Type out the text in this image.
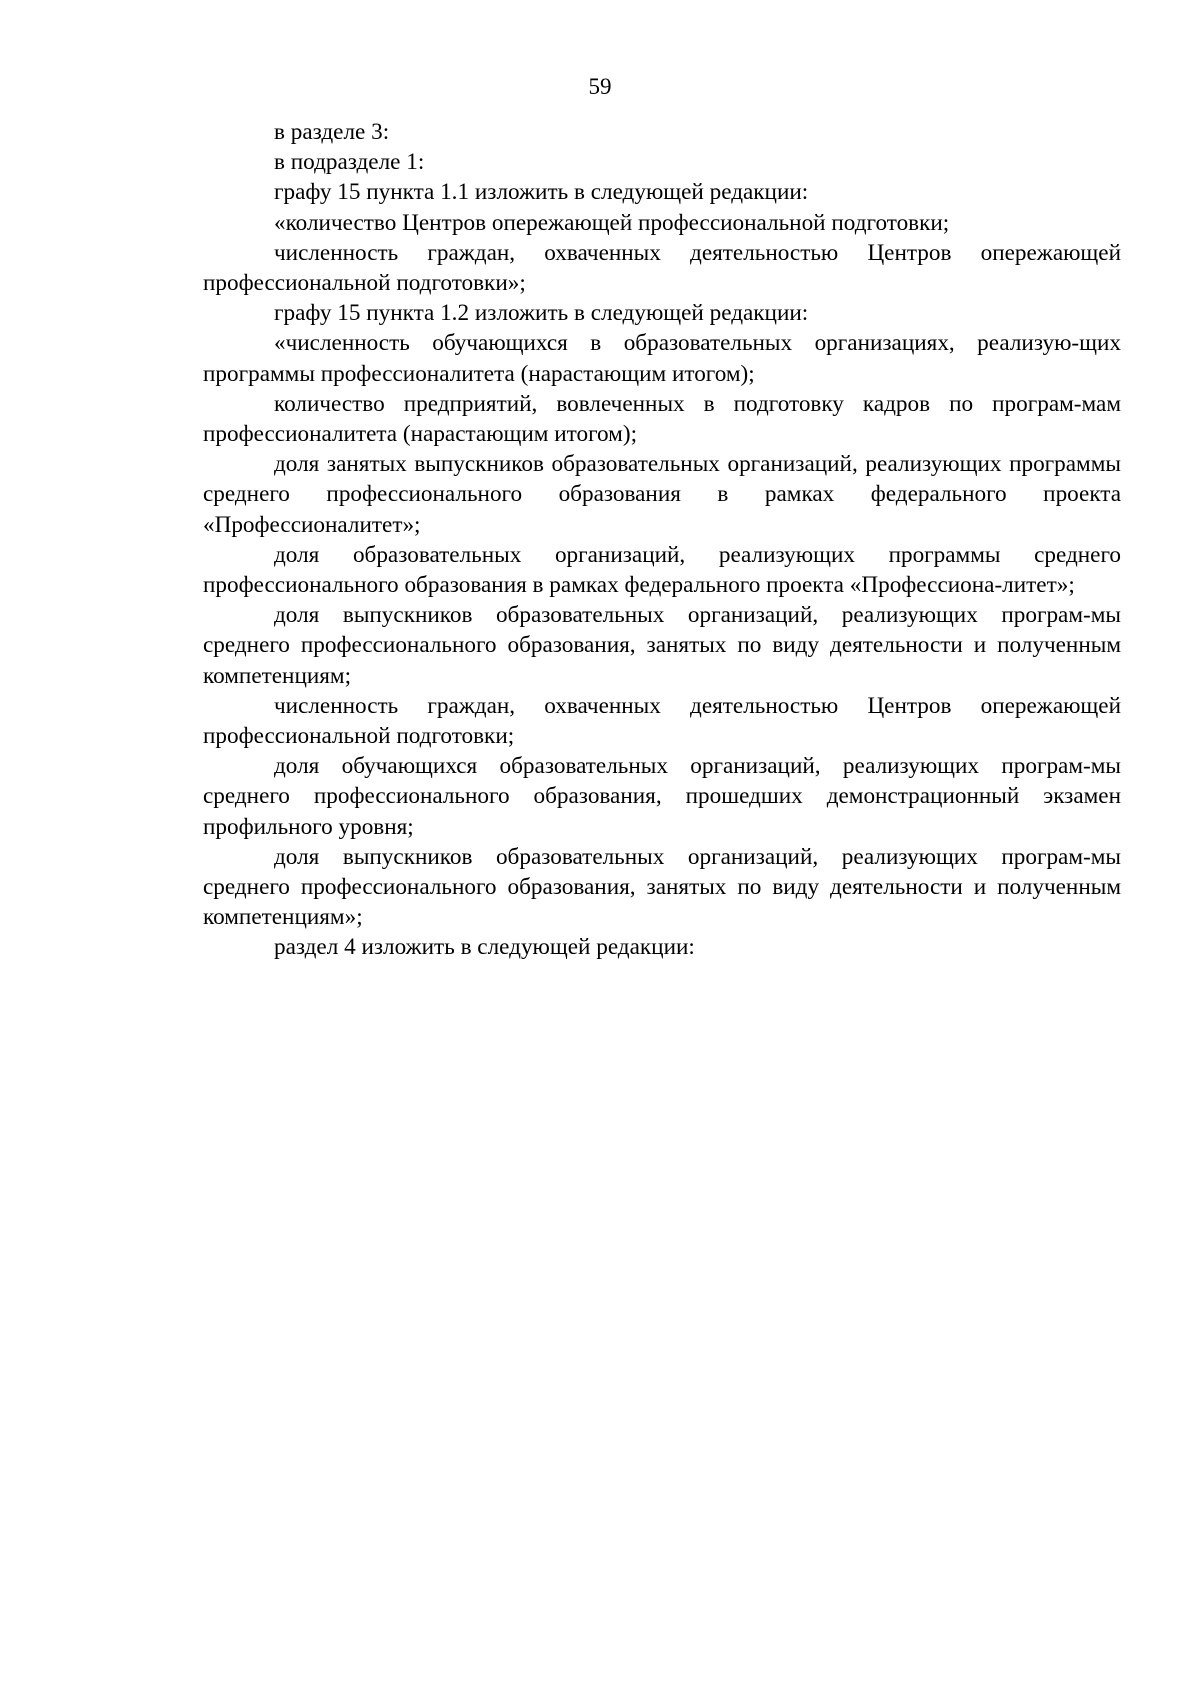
59

в разделе 3:

в подразделе 1:

графу 15 пункта 1.1 изложить в следующей редакции:

«количество Центров опережающей профессиональной подготовки;

численность граждан, охваченных деятельностью Центров опережающей профессиональной подготовки»;

графу 15 пункта 1.2 изложить в следующей редакции:

«численность обучающихся в образовательных организациях, реализую-щих программы профессионалитета (нарастающим итогом);

количество предприятий, вовлеченных в подготовку кадров по програм-мам профессионалитета (нарастающим итогом);

доля занятых выпускников образовательных организаций, реализующих программы среднего профессионального образования в рамках федерального проекта «Профессионалитет»;

доля образовательных организаций, реализующих программы среднего профессионального образования в рамках федерального проекта «Профессиона-литет»;

доля выпускников образовательных организаций, реализующих програм-мы среднего профессионального образования, занятых по виду деятельности и полученным компетенциям;

численность граждан, охваченных деятельностью Центров опережающей профессиональной подготовки;

доля обучающихся образовательных организаций, реализующих програм-мы среднего профессионального образования, прошедших демонстрационный экзамен профильного уровня;

доля выпускников образовательных организаций, реализующих програм-мы среднего профессионального образования, занятых по виду деятельности и полученным компетенциям»;

раздел 4 изложить в следующей редакции:
